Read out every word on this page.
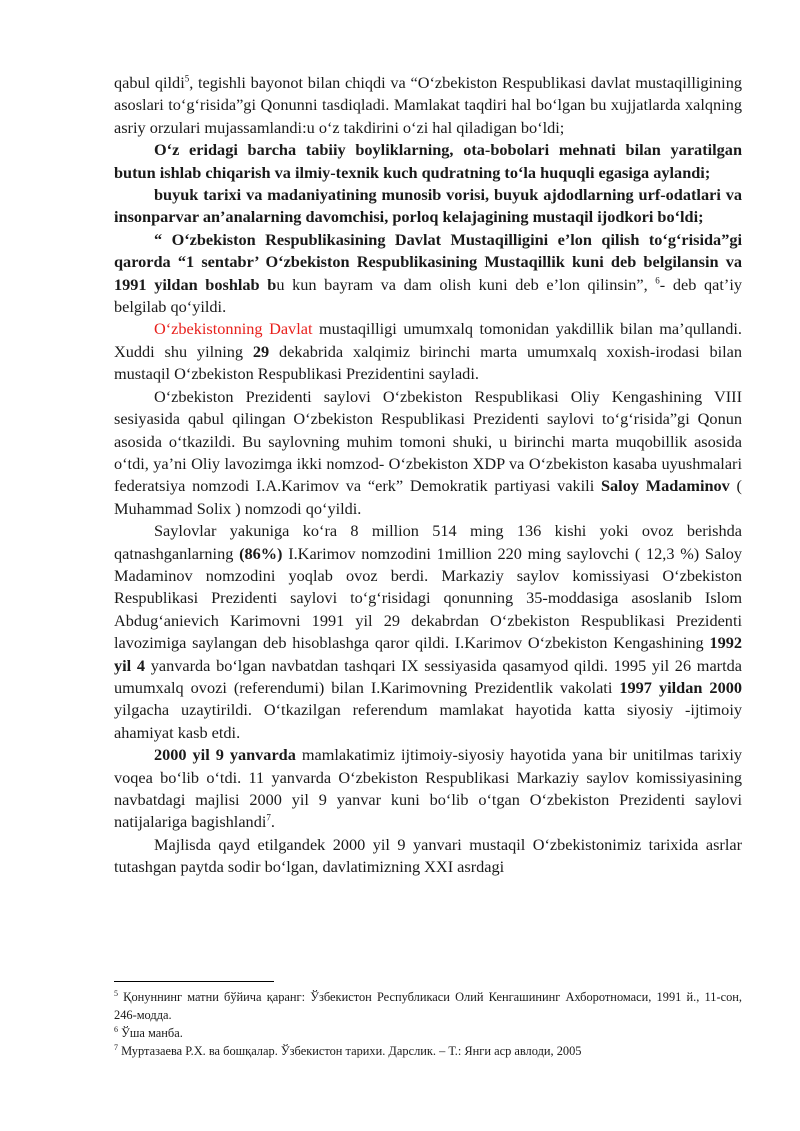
qabul qildi$^5$, tegishli bayonot bilan chiqdi va “O‘zbekiston Respublikasi davlat mustaqilligining asoslari to‘g‘risida”gi Qonunni tasdiqladi. Mamlakat taqdiri hal bo‘lgan bu xujjatlarda xalqning asriy orzulari mujassamlandi:u o‘z takdirini o‘zi hal qiladigan bo‘ldi;

O‘z eridagi barcha tabiiy boyliklarning, ota-bobolari mehnati bilan yaratilgan butun ishlab chiqarish va ilmiy-texnik kuch qudratning to‘la huquqli egasiga aylandi;

buyuk tarixi va madaniyatining munosib vorisi, buyuk ajdodlarning urf-odatlari va insonparvar an’analarning davomchisi, porloq kelajagining mustaqil ijodkori bo‘ldi;

“ O‘zbekiston Respublikasining Davlat Mustaqilligini e’lon qilish to‘g‘risida”gi qarorda “1 sentabr’ O‘zbekiston Respublikasining Mustaqillik kuni deb belgilansin va 1991 yildan boshlab bu kun bayram va dam olish kuni deb e’lon qilinsin”, $^6$- deb qat’iy belgilab qo‘yildi.

O‘zbekistonning Davlat mustaqilligi umumxalq tomonidan yakdillik bilan ma’qullandi. Xuddi shu yilning 29 dekabrida xalqimiz birinchi marta umumxalq xoxish-irodasi bilan mustaqil O‘zbekiston Respublikasi Prezidentini sayladi.

O‘zbekiston Prezidenti saylovi O‘zbekiston Respublikasi Oliy Kengashining VIII sesiyasida qabul qilingan O‘zbekiston Respublikasi Prezidenti saylovi to‘g‘risida”gi Qonun asosida o‘tkazildi. Bu saylovning muhim tomoni shuki, u birinchi marta muqobillik asosida o‘tdi, ya’ni Oliy lavozimga ikki nomzod- O‘zbekiston XDP va O‘zbekiston kasaba uyushmalari federatsiya nomzodi I.A.Karimov va “erk” Demokratik partiyasi vakili Saloy Madaminov ( Muhammad Solix ) nomzodi qo‘yildi.

Saylovlar yakuniga ko‘ra 8 million 514 ming 136 kishi yoki ovoz berishda qatnashganlarning (86%) I.Karimov nomzodini 1million 220 ming saylovchi ( 12,3 %) Saloy Madaminov nomzodini yoqlab ovoz berdi. Markaziy saylov komissiyasi O‘zbekiston Respublikasi Prezidenti saylovi to‘g‘risidagi qonunning 35-moddasiga asoslanib Islom Abdug‘anievich Karimovni 1991 yil 29 dekabrdan O‘zbekiston Respublikasi Prezidenti lavozimiga saylangan deb hisoblashga qaror qildi. I.Karimov O‘zbekiston Kengashining 1992 yil 4 yanvarda bo‘lgan navbatdan tashqari IX sessiyasida qasamyod qildi. 1995 yil 26 martda umumxalq ovozi (referendumi) bilan I.Karimovning Prezidentlik vakolati 1997 yildan 2000 yilgacha uzaytirildi. O‘tkazilgan referendum mamlakat hayotida katta siyosiy -ijtimoiy ahamiyat kasb etdi.

2000 yil 9 yanvarda mamlakatimiz ijtimoiy-siyosiy hayotida yana bir unitilmas tarixiy voqea bo‘lib o‘tdi. 11 yanvarda O‘zbekiston Respublikasi Markaziy saylov komissiyasining navbatdagi majlisi 2000 yil 9 yanvar kuni bo‘lib o‘tgan O‘zbekiston Prezidenti saylovi natijalariga bagishlandi$^7$.

Majlisda qayd etilgandek 2000 yil 9 yanvari mustaqil O‘zbekistonimiz tarixida asrlar tutashgan paytda sodir bo‘lgan, davlatimizning XXI asrdagi

$^5$ Қонуннинг матни бўйича қаранг: Ўзбекистон Республикаси Олий Кенгашининг Ахборотномаси, 1991 й., 11-сон, 246-модда.

$^6$ Ўша манба.

$^7$ Муртазаева Р.Х. ва бошқалар. Ўзбекистон тарихи. Дарслик. – Т.: Янги аср авлоди, 2005
